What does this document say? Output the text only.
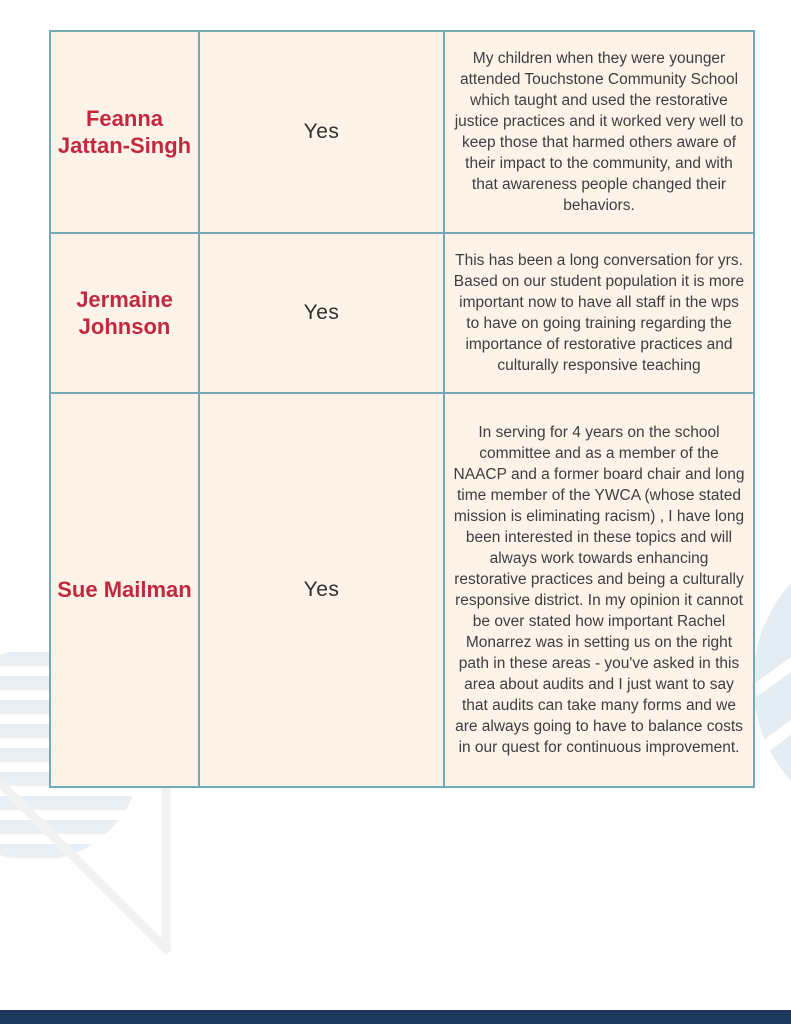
Feanna Jattan-Singh	Yes	My children when they were younger attended Touchstone Community School which taught and used the restorative justice practices and it worked very well to keep those that harmed others aware of their impact to the community, and with that awareness people changed their behaviors.
Jermaine Johnson	Yes	This has been a long conversation for yrs. Based on our student population it is more important now to have all staff in the wps to have on going training regarding the importance of restorative practices and culturally responsive teaching
Sue Mailman	Yes	In serving for 4 years on the school committee and as a member of the NAACP and a former board chair and long time member of the YWCA (whose stated mission is eliminating racism) , I have long been interested in these topics and will always work towards enhancing restorative practices and being a culturally responsive district. In my opinion it cannot be over stated how important Rachel Monarrez was in setting us on the right path in these areas - you've asked in this area about audits and I just want to say that audits can take many forms and we are always going to have to balance costs in our quest for continuous improvement.
